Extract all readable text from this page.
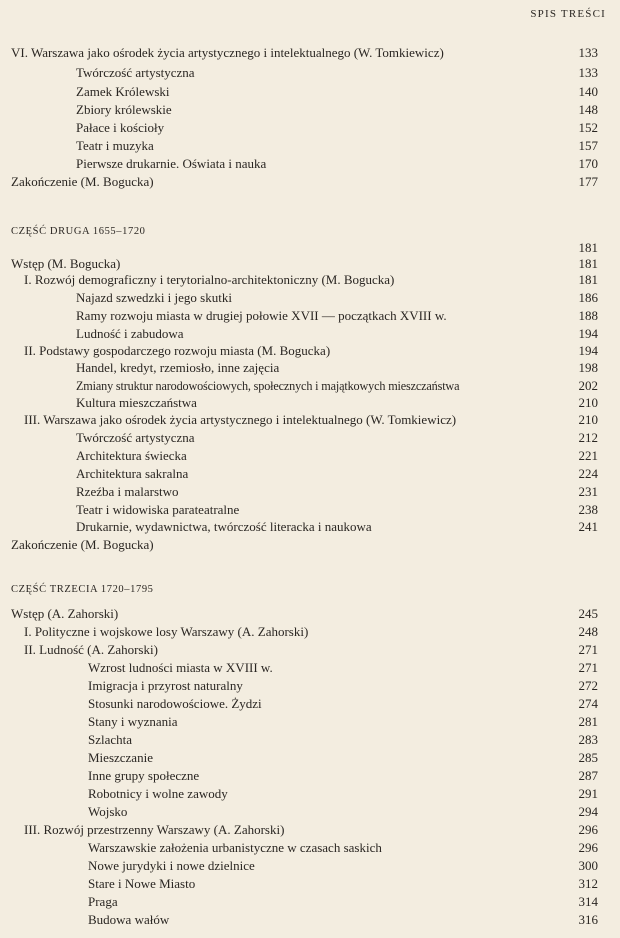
SPIS TREŚCI
VI. Warszawa jako ośrodek życia artystycznego i intelektualnego (W. Tomkiewicz)	133
Twórczość artystyczna	133
Zamek Królewski	140
Zbiory królewskie	148
Pałace i kościoły	152
Teatr i muzyka	157
Pierwsze drukarnie. Oświata i nauka	170
Zakończenie (M. Bogucka)	177
CZĘŚĆ DRUGA 1655–1720
181
Wstęp (M. Bogucka)	181
I. Rozwój demograficzny i terytorialno-architektoniczny (M. Bogucka)	181
Najazd szwedzki i jego skutki	186
Ramy rozwoju miasta w drugiej połowie XVII — początkach XVIII w.	188
Ludność i zabudowa	194
II. Podstawy gospodarczego rozwoju miasta (M. Bogucka)	194
Handel, kredyt, rzemiosło, inne zajęcia	198
Zmiany struktur narodowościowych, społecznych i majątkowych mieszczaństwa	202
Kultura mieszczaństwa	210
III. Warszawa jako ośrodek życia artystycznego i intelektualnego (W. Tomkiewicz)	210
Twórczość artystyczna	212
Architektura świecka	221
Architektura sakralna	224
Rzeźba i malarstwo	231
Teatr i widowiska parateatralne	238
Drukarnie, wydawnictwa, twórczość literacka i naukowa	241
Zakończenie (M. Bogucka)
CZĘŚĆ TRZECIA 1720–1795
Wstęp (A. Zahorski)	245
I. Polityczne i wojskowe losy Warszawy (A. Zahorski)	248
II. Ludność (A. Zahorski)	271
Wzrost ludności miasta w XVIII w.	271
Imigracja i przyrost naturalny	272
Stosunki narodowościowe. Żydzi	274
Stany i wyznania	281
Szlachta	283
Mieszczanie	285
Inne grupy społeczne	287
Robotnicy i wolne zawody	291
Wojsko	294
III. Rozwój przestrzenny Warszawy (A. Zahorski)	296
Warszawskie założenia urbanistyczne w czasach saskich	296
Nowe jurydyki i nowe dzielnice	300
Stare i Nowe Miasto	312
Praga	314
Budowa wałów	316
